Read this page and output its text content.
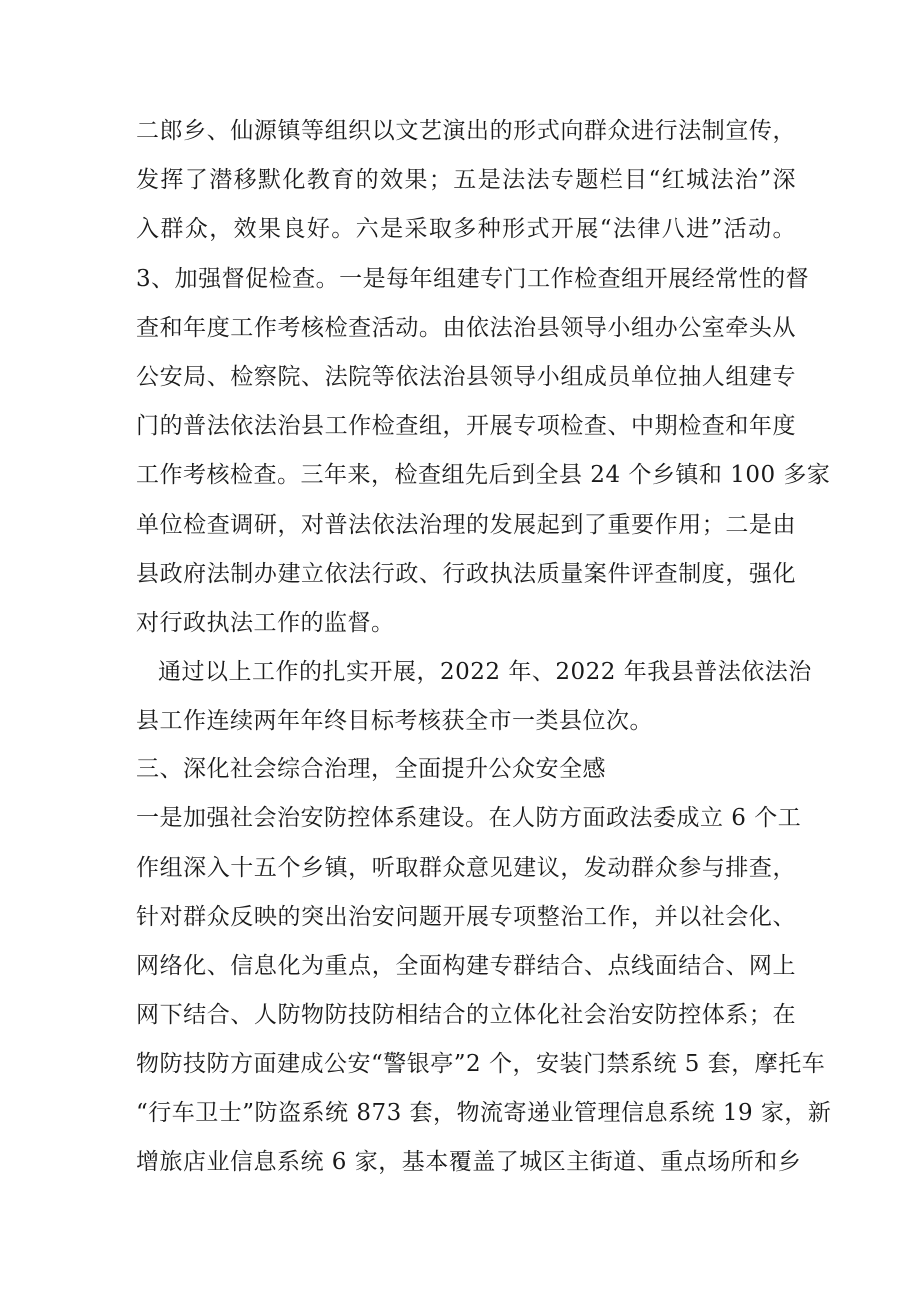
二郎乡、仙源镇等组织以文艺演出的形式向群众进行法制宣传，
发挥了潜移默化教育的效果；五是法法专题栏目“红城法治”深
入群众，效果良好。六是采取多种形式开展“法律八进”活动。
3、加强督促检查。一是每年组建专门工作检查组开展经常性的督
查和年度工作考核检查活动。由依法治县领导小组办公室牵头从
公安局、检察院、法院等依法治县领导小组成员单位抽人组建专
门的普法依法治县工作检查组，开展专项检查、中期检查和年度
工作考核检查。三年来，检查组先后到全县 24 个乡镇和 100 多家
单位检查调研，对普法依法治理的发展起到了重要作用；二是由
县政府法制办建立依法行政、行政执法质量案件评查制度，强化
对行政执法工作的监督。
通过以上工作的扎实开展，2022 年、2022 年我县普法依法治
县工作连续两年年终目标考核获全市一类县位次。
三、深化社会综合治理，全面提升公众安全感
一是加强社会治安防控体系建设。在人防方面政法委成立 6 个工
作组深入十五个乡镇，听取群众意见建议，发动群众参与排查，
针对群众反映的突出治安问题开展专项整治工作，并以社会化、
网络化、信息化为重点，全面构建专群结合、点线面结合、网上
网下结合、人防物防技防相结合的立体化社会治安防控体系；在
物防技防方面建成公安“警银亭”2 个，安装门禁系统 5 套，摩托车
“行车卫士”防盗系统 873 套，物流寄递业管理信息系统 19 家，新
增旅店业信息系统 6 家，基本覆盖了城区主街道、重点场所和乡
